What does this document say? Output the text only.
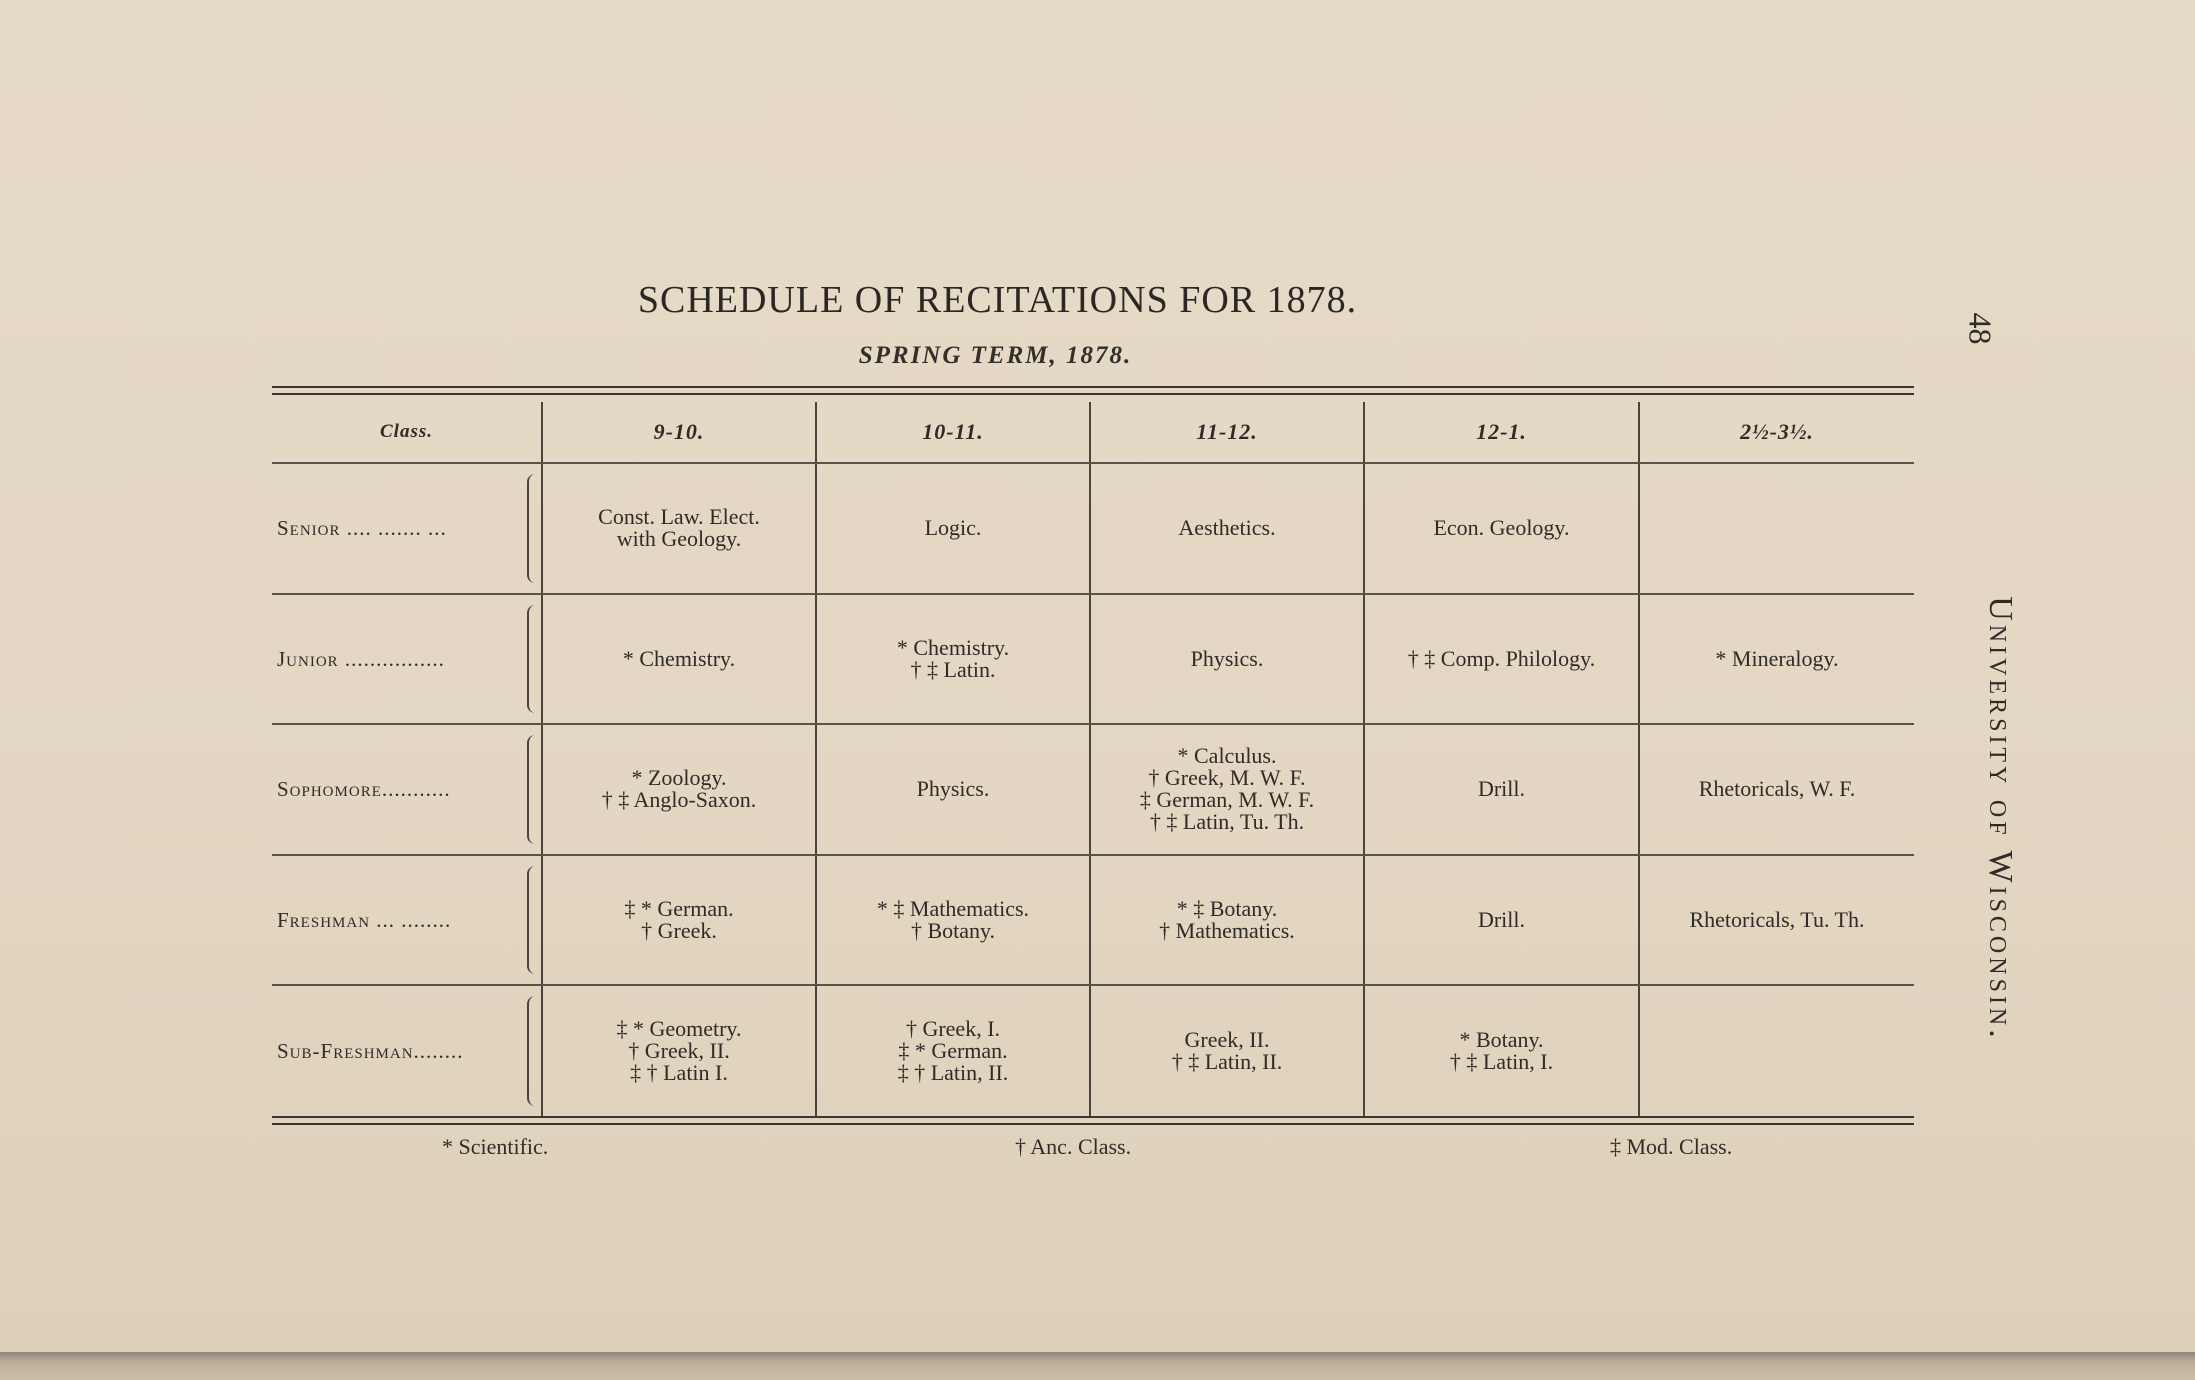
SCHEDULE OF RECITATIONS FOR 1878.
SPRING TERM, 1878.
48
University of Wisconsin.
Class.	9-10.	10-11.	11-12.	12-1.	2½-3½.
Senior .... ....... ...	Const. Law. Elect.
with Geology.	Logic.	Aesthetics.	Econ. Geology.	

Junior ................	* Chemistry.	* Chemistry.
† ‡ Latin.	Physics.	† ‡ Comp. Philology.	* Mineralogy.

Sophomore...........	* Zoology.
† ‡ Anglo-Saxon.	Physics.	* Calculus.
† Greek, M. W. F.
‡ German, M. W. F.
† ‡ Latin, Tu. Th.	Drill.	Rhetoricals, W. F.

Freshman ... ........	‡ * German.
† Greek.	* ‡ Mathematics.
† Botany.	* ‡ Botany.
† Mathematics.	Drill.	Rhetoricals, Tu. Th.

Sub-Freshman........	‡ * Geometry.
† Greek, II.
‡ † Latin I.	† Greek, I.
‡ * German.
‡ † Latin, II.	Greek, II.
† ‡ Latin, II.	* Botany.
† ‡ Latin, I.	

* Scientific.	† Anc. Class.	‡ Mod. Class.
